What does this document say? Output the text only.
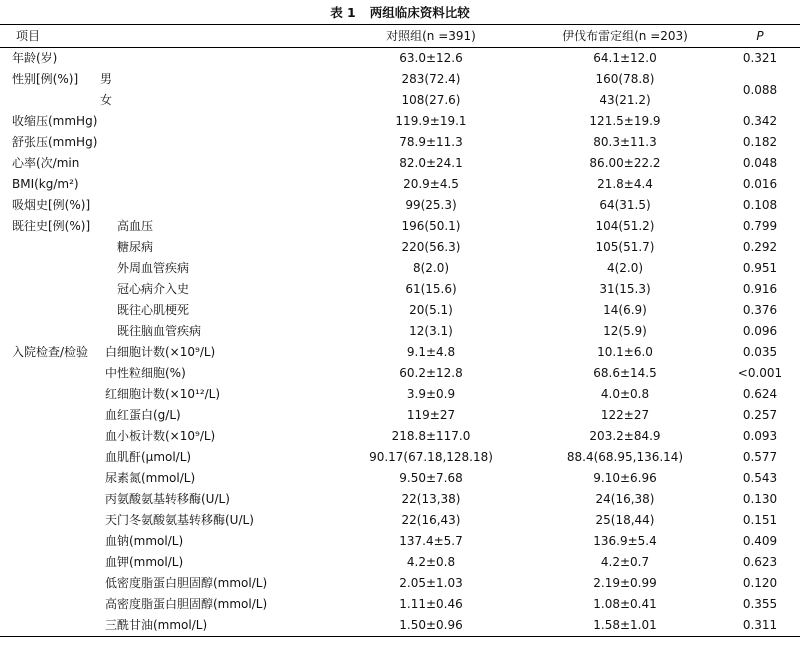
表 1 两组临床资料比较
项目	对照组(n =391)	伊伐布雷定组(n =203)	P
年龄(岁)	63.0±12.6	64.1±12.0	0.321
性别[例(%)] 男	283(72.4)	160(78.8)	0.088
女	108(27.6)	43(21.2)	
收缩压(mmHg)	119.9±19.1	121.5±19.9	0.342
舒张压(mmHg)	78.9±11.3	80.3±11.3	0.182
心率(次/min	82.0±24.1	86.00±22.2	0.048
BMI(kg/m²)	20.9±4.5	21.8±4.4	0.016
吸烟史[例(%)]	99(25.3)	64(31.5)	0.108
既往史[例(%)] 高血压	196(50.1)	104(51.2)	0.799
糖尿病	220(56.3)	105(51.7)	0.292
外周血管疾病	8(2.0)	4(2.0)	0.951
冠心病介入史	61(15.6)	31(15.3)	0.916
既往心肌梗死	20(5.1)	14(6.9)	0.376
既往脑血管疾病	12(3.1)	12(5.9)	0.096
入院检查/检验 白细胞计数(×10⁹/L)	9.1±4.8	10.1±6.0	0.035
中性粒细胞(%)	60.2±12.8	68.6±14.5	<0.001
红细胞计数(×10¹²/L)	3.9±0.9	4.0±0.8	0.624
血红蛋白(g/L)	119±27	122±27	0.257
血小板计数(×10⁹/L)	218.8±117.0	203.2±84.9	0.093
血肌酐(μmol/L)	90.17(67.18,128.18)	88.4(68.95,136.14)	0.577
尿素氮(mmol/L)	9.50±7.68	9.10±6.96	0.543
丙氨酸氨基转移酶(U/L)	22(13,38)	24(16,38)	0.130
天门冬氨酸氨基转移酶(U/L)	22(16,43)	25(18,44)	0.151
血钠(mmol/L)	137.4±5.7	136.9±5.4	0.409
血钾(mmol/L)	4.2±0.8	4.2±0.7	0.623
低密度脂蛋白胆固醇(mmol/L)	2.05±1.03	2.19±0.99	0.120
高密度脂蛋白胆固醇(mmol/L)	1.11±0.46	1.08±0.41	0.355
三酰甘油(mmol/L)	1.50±0.96	1.58±1.01	0.311
